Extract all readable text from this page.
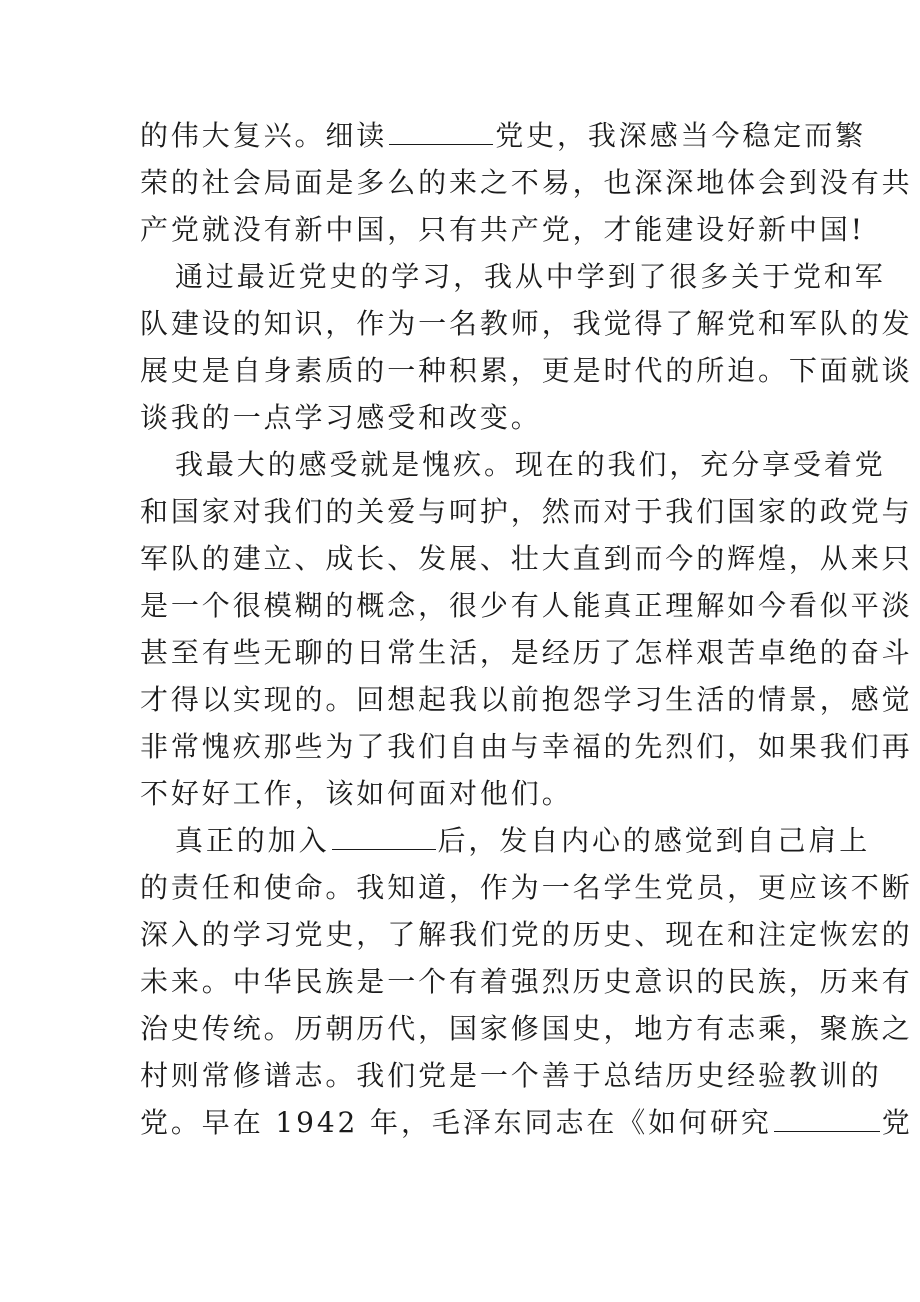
的伟大复兴。细读	党史，我深感当今稳定而繁
荣的社会局面是多么的来之不易，也深深地体会到没有共
产党就没有新中国，只有共产党，才能建设好新中国!

通过最近党史的学习，我从中学到了很多关于党和军
队建设的知识，作为一名教师，我觉得了解党和军队的发
展史是自身素质的一种积累，更是时代的所迫。下面就谈
谈我的一点学习感受和改变。

我最大的感受就是愧疚。现在的我们，充分享受着党
和国家对我们的关爱与呵护，然而对于我们国家的政党与
军队的建立、成长、发展、壮大直到而今的辉煌，从来只
是一个很模糊的概念，很少有人能真正理解如今看似平淡
甚至有些无聊的日常生活，是经历了怎样艰苦卓绝的奋斗
才得以实现的。回想起我以前抱怨学习生活的情景，感觉
非常愧疚那些为了我们自由与幸福的先烈们，如果我们再
不好好工作，该如何面对他们。

真正的加入	后，发自内心的感觉到自己肩上
的责任和使命。我知道，作为一名学生党员，更应该不断
深入的学习党史，了解我们党的历史、现在和注定恢宏的
未来。中华民族是一个有着强烈历史意识的民族，历来有
治史传统。历朝历代，国家修国史，地方有志乘，聚族之
村则常修谱志。我们党是一个善于总结历史经验教训的
党。早在 1942 年，毛泽东同志在《如何研究	党
